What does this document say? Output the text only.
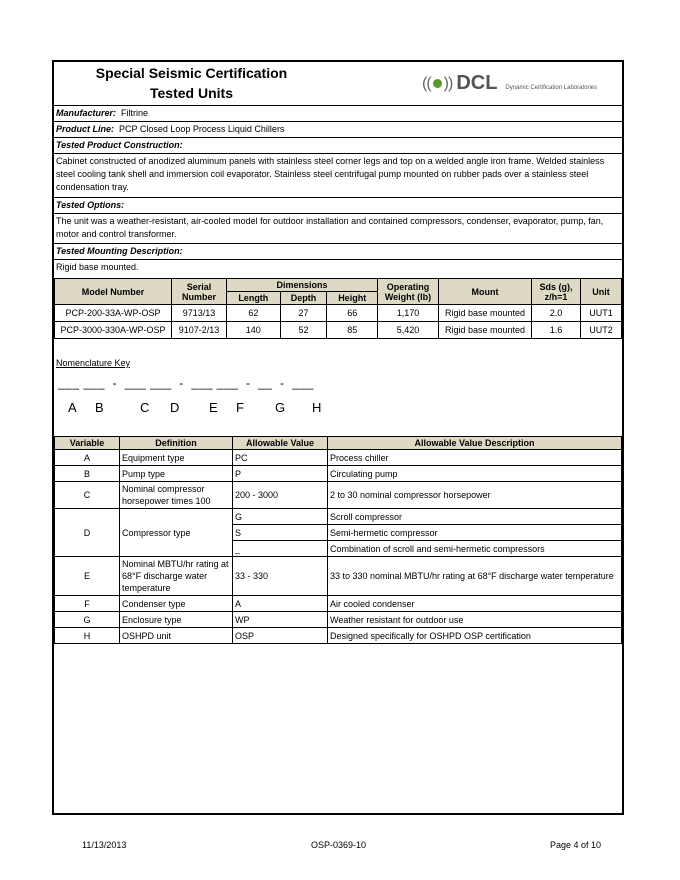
Special Seismic Certification
Tested Units
(( )) DCL Dynamic Certification Laboratories
Manufacturer: Filtrine
Product Line: PCP Closed Loop Process Liquid Chillers
Tested Product Construction:
Cabinet constructed of anodized aluminum panels with stainless steel corner legs and top on a welded angle iron frame. Welded stainless steel cooling tank shell and immersion coil evaporator. Stainless steel centrifugal pump mounted on rubber pads over a stainless steel condensation tray.
Tested Options:
The unit was a weather-resistant, air-cooled model for outdoor installation and contained compressors, condenser, evaporator, pump, fan, motor and control transformer.
Tested Mounting Description:
Rigid base mounted.
Model Number	Serial Number	Dimensions			Operating Weight (lb)	Mount	Sds (g), z/h=1	Unit
		Length	Depth	Height				
PCP-200-33A-WP-OSP	9713/13	62	27	66	1,170	Rigid base mounted	2.0	UUT1
PCP-3000-330A-WP-OSP	9107-2/13	140	52	85	5,420	Rigid base mounted	1.6	UUT2
Nomenclature Key
___ ___  -  ___ ___  -  ___ ___  -  __  -  ___
A B	C D E F G H
Variable	Definition	Allowable Value	Allowable Value Description
A	Equipment type	PC	Process chiller
B	Pump type	P	Circulating pump
C	Nominal compressor horsepower times 100	200 - 3000	2 to 30 nominal compressor horsepower
D	Compressor type	G	Scroll compressor
		S	Semi-hermetic compressor
		_	Combination of scroll and semi-hermetic compressors
E	Nominal MBTU/hr rating at 68°F discharge water temperature	33 - 330	33 to 330 nominal MBTU/hr rating at 68°F discharge water temperature
F	Condenser type	A	Air cooled condenser
G	Enclosure type	WP	Weather resistant for outdoor use
H	OSHPD unit	OSP	Designed specifically for OSHPD OSP certification
11/13/2013	OSP-0369-10	Page 4 of 10
